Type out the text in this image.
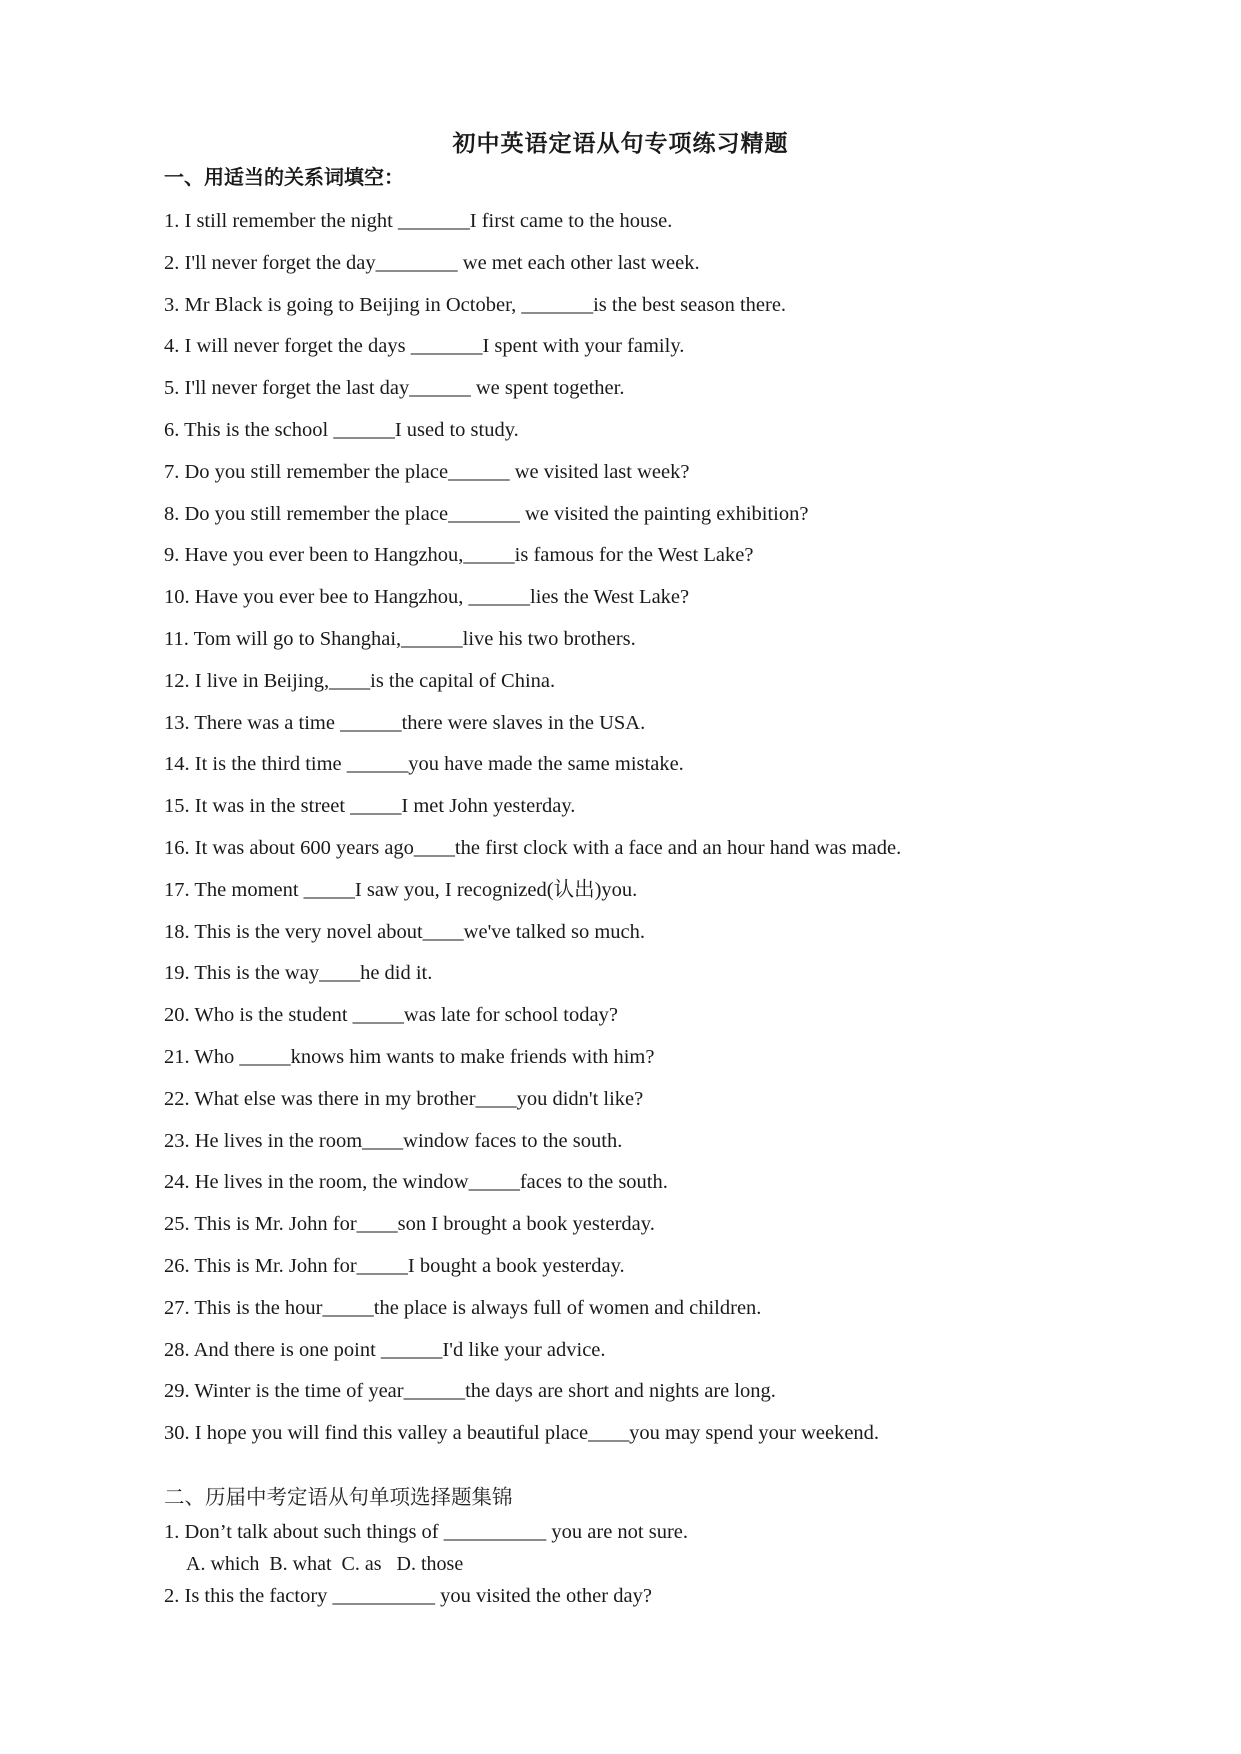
初中英语定语从句专项练习精题
一、用适当的关系词填空：
1. I still remember the night _______I first came to the house.
2. I'll never forget the day________ we met each other last week.
3. Mr Black is going to Beijing in October, _______is the best season there.
4. I will never forget the days _______I spent with your family.
5. I'll never forget the last day______ we spent together.
6. This is the school ______I used to study.
7. Do you still remember the place______ we visited last week?
8. Do you still remember the place_______ we visited the painting exhibition?
9. Have you ever been to Hangzhou,_____is famous for the West Lake?
10. Have you ever bee to Hangzhou, ______lies the West Lake?
11. Tom will go to Shanghai,______live his two brothers.
12. I live in Beijing,____is the capital of China.
13. There was a time ______there were slaves in the USA.
14. It is the third time ______you have made the same mistake.
15. It was in the street _____I met John yesterday.
16. It was about 600 years ago____the first clock with a face and an hour hand was made.
17. The moment _____I saw you, I recognized(认出)you.
18. This is the very novel about____we've talked so much.
19. This is the way____he did it.
20. Who is the student _____was late for school today?
21. Who _____knows him wants to make friends with him?
22. What else was there in my brother____you didn't like?
23. He lives in the room____window faces to the south.
24. He lives in the room, the window_____faces to the south.
25. This is Mr. John for____son I brought a book yesterday.
26. This is Mr. John for_____I bought a book yesterday.
27. This is the hour_____the place is always full of women and children.
28. And there is one point ______I'd like your advice.
29. Winter is the time of year______the days are short and nights are long.
30. I hope you will find this valley a beautiful place____you may spend your weekend.
二、历届中考定语从句单项选择题集锦
1. Don’t talk about such things of __________ you are not sure.
A. which  B. what  C. as   D. those
2. Is this the factory __________ you visited the other day?
